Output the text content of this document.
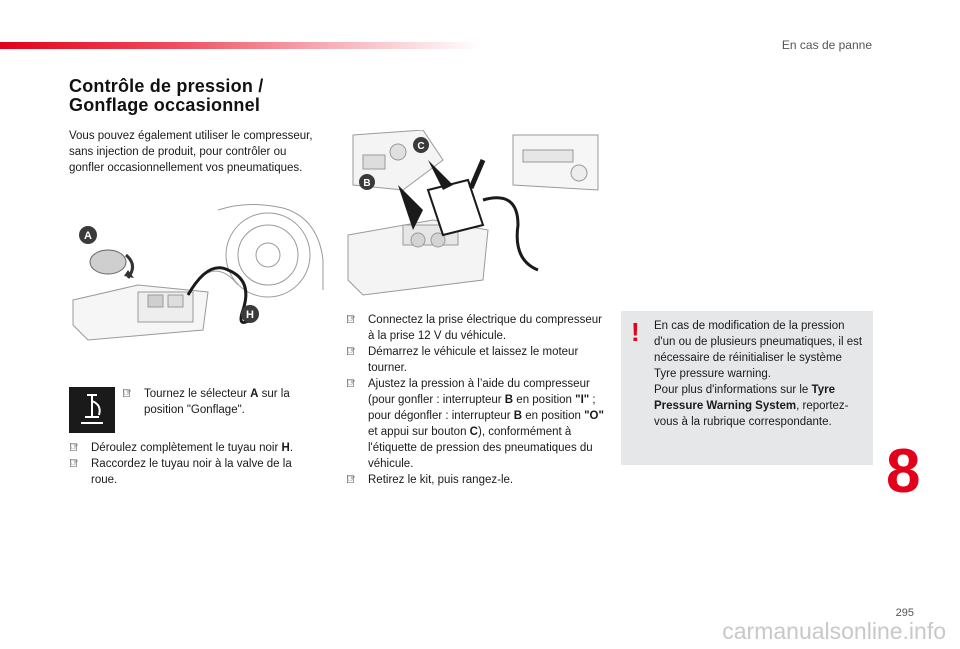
En cas de panne
Contrôle de pression /
Gonflage occasionnel

Vous pouvez également utiliser le compresseur, sans injection de produit, pour contrôler ou gonfler occasionnellement vos pneumatiques.

A
H
C
B
☞ Tournez le sélecteur A sur la position "Gonflage".
☞ Déroulez complètement le tuyau noir H.
☞ Raccordez le tuyau noir à la valve de la roue.
☞ Connectez la prise électrique du compresseur à la prise 12 V du véhicule.
☞ Démarrez le véhicule et laissez le moteur tourner.
☞ Ajustez la pression à l’aide du compresseur (pour gonfler : interrupteur B en position "I" ; pour dégonfler : interrupteur B en position "O" et appui sur bouton C), conformément à l'étiquette de pression des pneumatiques du véhicule.
☞ Retirez le kit, puis rangez-le.
! En cas de modification de la pression d'un ou de plusieurs pneumatiques, il est nécessaire de réinitialiser le système Tyre pressure warning.
Pour plus d'informations sur le Tyre Pressure Warning System, reportez-vous à la rubrique correspondante.

8
295
carmanualsonline.info
